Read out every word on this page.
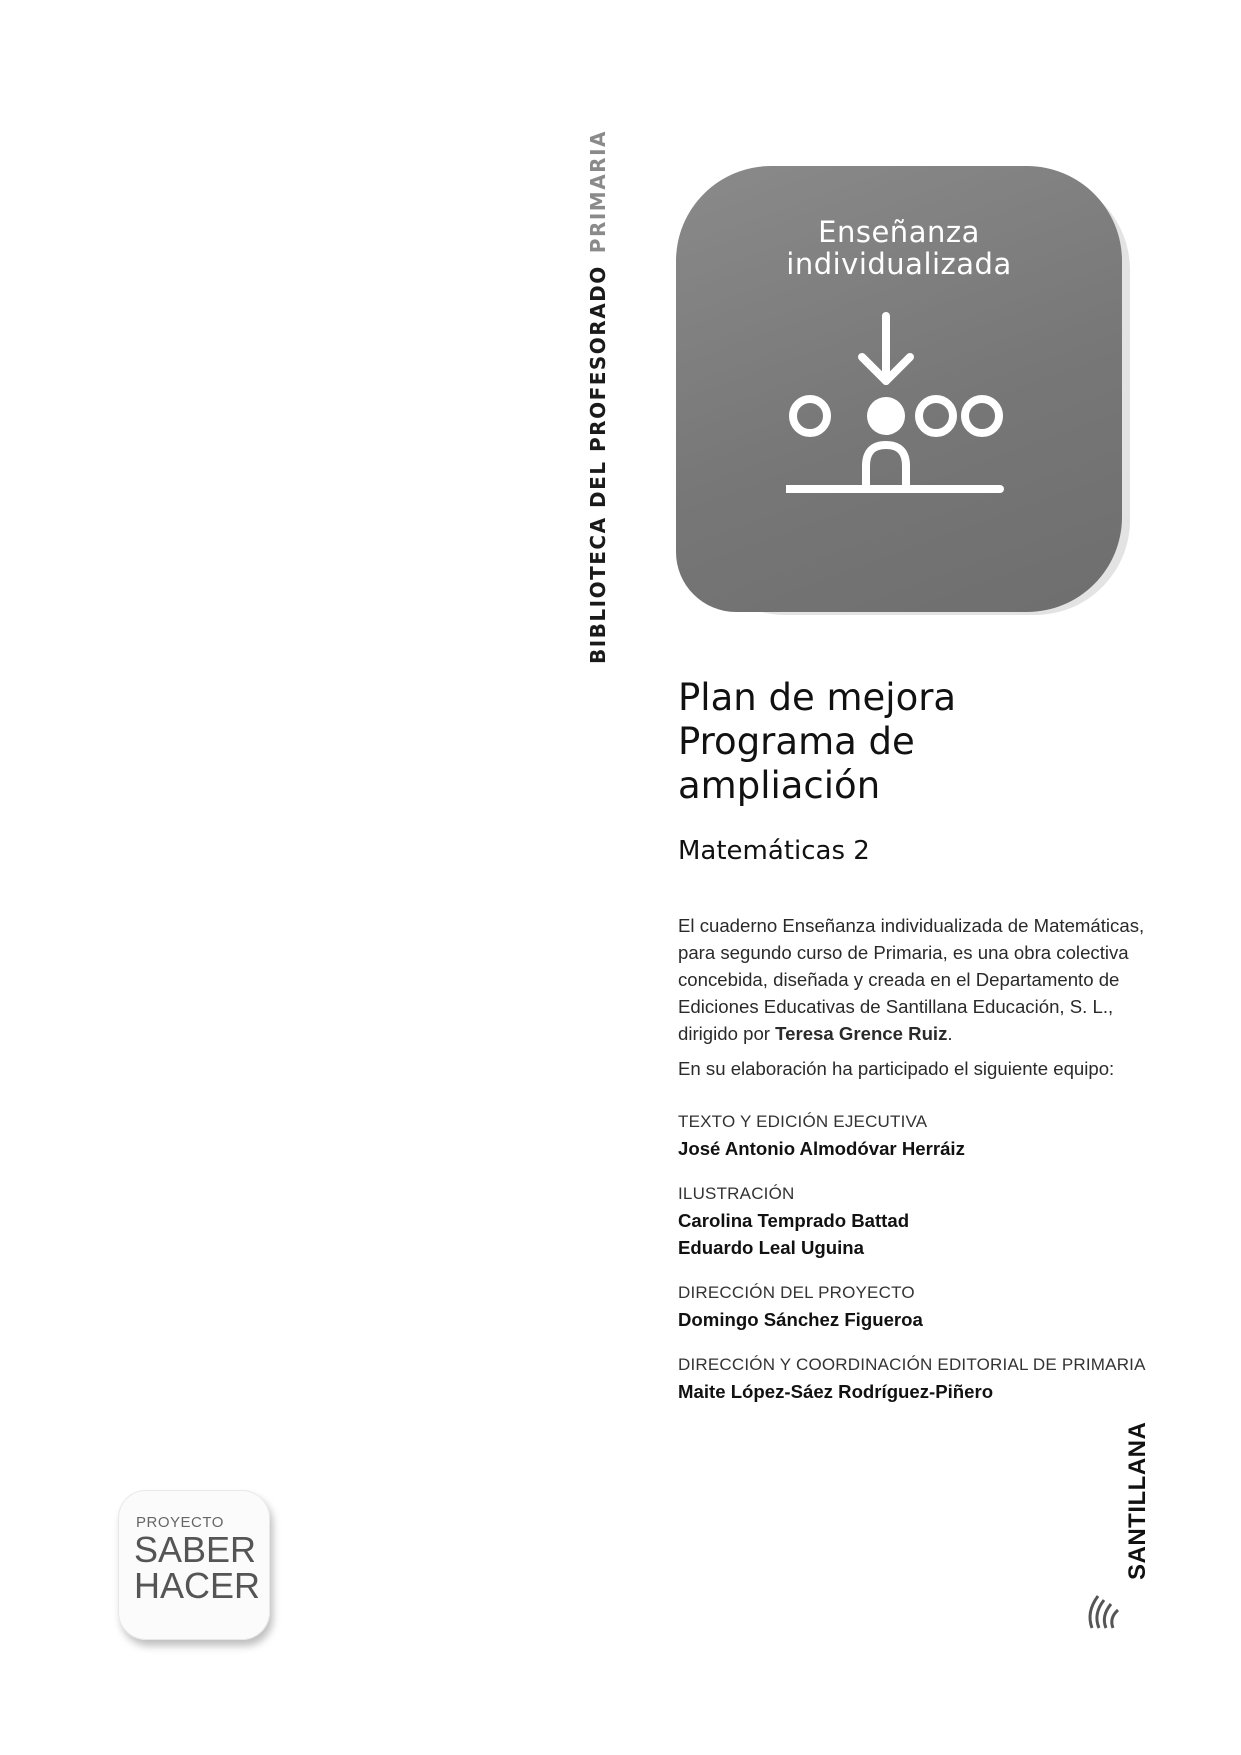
BIBLIOTECA DEL PROFESORADOPRIMARIA	Enseñanza
individualizada
Plan de mejora
Programa de
ampliación
Matemáticas 2
El cuaderno Enseñanza individualizada de Matemáticas, para segundo curso de Primaria, es una obra colectiva concebida, diseñada y creada en el Departamento de Ediciones Educativas de Santillana Educación, S. L., dirigido por Teresa Grence Ruiz.
En su elaboración ha participado el siguiente equipo:
TEXTO Y EDICIÓN EJECUTIVA
José Antonio Almodóvar Herráiz
ILUSTRACIÓN
Carolina Temprado Battad
Eduardo Leal Uguina
DIRECCIÓN DEL PROYECTO
Domingo Sánchez Figueroa
DIRECCIÓN Y COORDINACIÓN EDITORIAL DE PRIMARIA
Maite López-Sáez Rodríguez-Piñero
PROYECTO
SABER
HACER
SANTILLANA
